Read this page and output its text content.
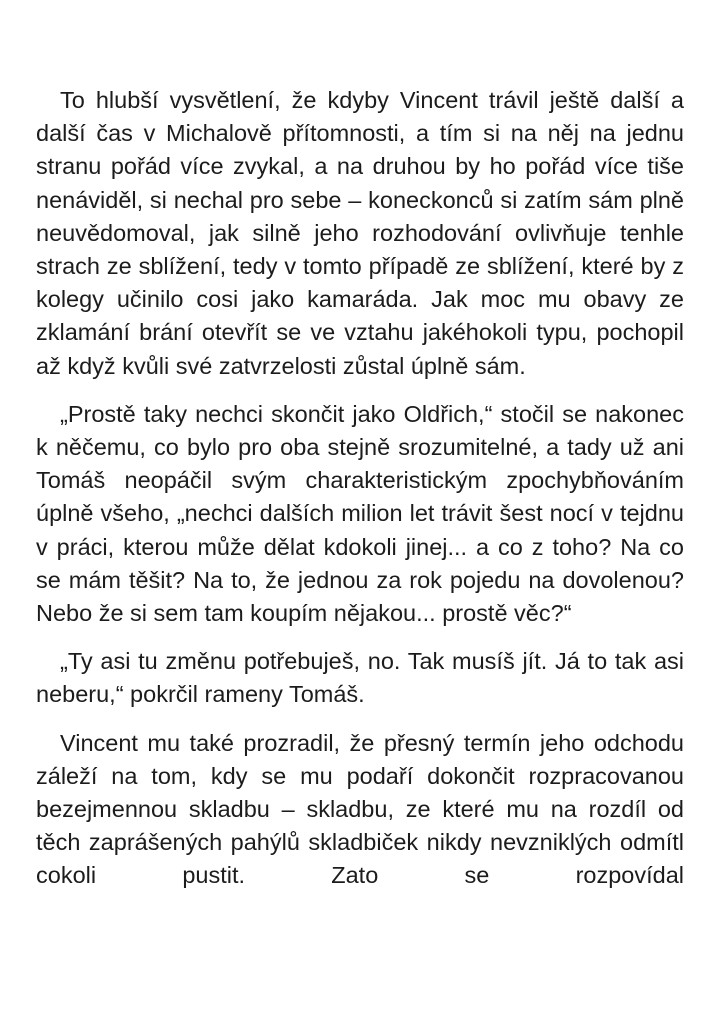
To hlubší vysvětlení, že kdyby Vincent trávil ještě další a další čas v Michalově přítomnosti, a tím si na něj na jednu stranu pořád více zvykal, a na druhou by ho pořád více tiše nenáviděl, si nechal pro sebe – koneckonců si zatím sám plně neuvědomoval, jak silně jeho rozhodování ovlivňuje tenhle strach ze sblížení, tedy v tomto případě ze sblížení, které by z kolegy učinilo cosi jako kamaráda. Jak moc mu obavy ze zklamání brání otevřít se ve vztahu jakéhokoli typu, pochopil až když kvůli své zatvrzelosti zůstal úplně sám.

„Prostě taky nechci skončit jako Oldřich,“ stočil se nakonec k něčemu, co bylo pro oba stejně srozumitelné, a tady už ani Tomáš neopáčil svým charakteristickým zpochybňováním úplně všeho, „nechci dalších milion let trávit šest nocí v tejdnu v práci, kterou může dělat kdokoli jinej... a co z toho? Na co se mám těšit? Na to, že jednou za rok pojedu na dovolenou? Nebo že si sem tam koupím nějakou... prostě věc?“

„Ty asi tu změnu potřebuješ, no. Tak musíš jít. Já to tak asi neberu,“ pokrčil rameny Tomáš.

Vincent mu také prozradil, že přesný termín jeho odchodu záleží na tom, kdy se mu podaří dokončit rozpracovanou bezejmennou skladbu – skladbu, ze které mu na rozdíl od těch zaprášených pahýlů skladbiček nikdy nevzniklých odmítl cokoli pustit. Zato se rozpovídal
